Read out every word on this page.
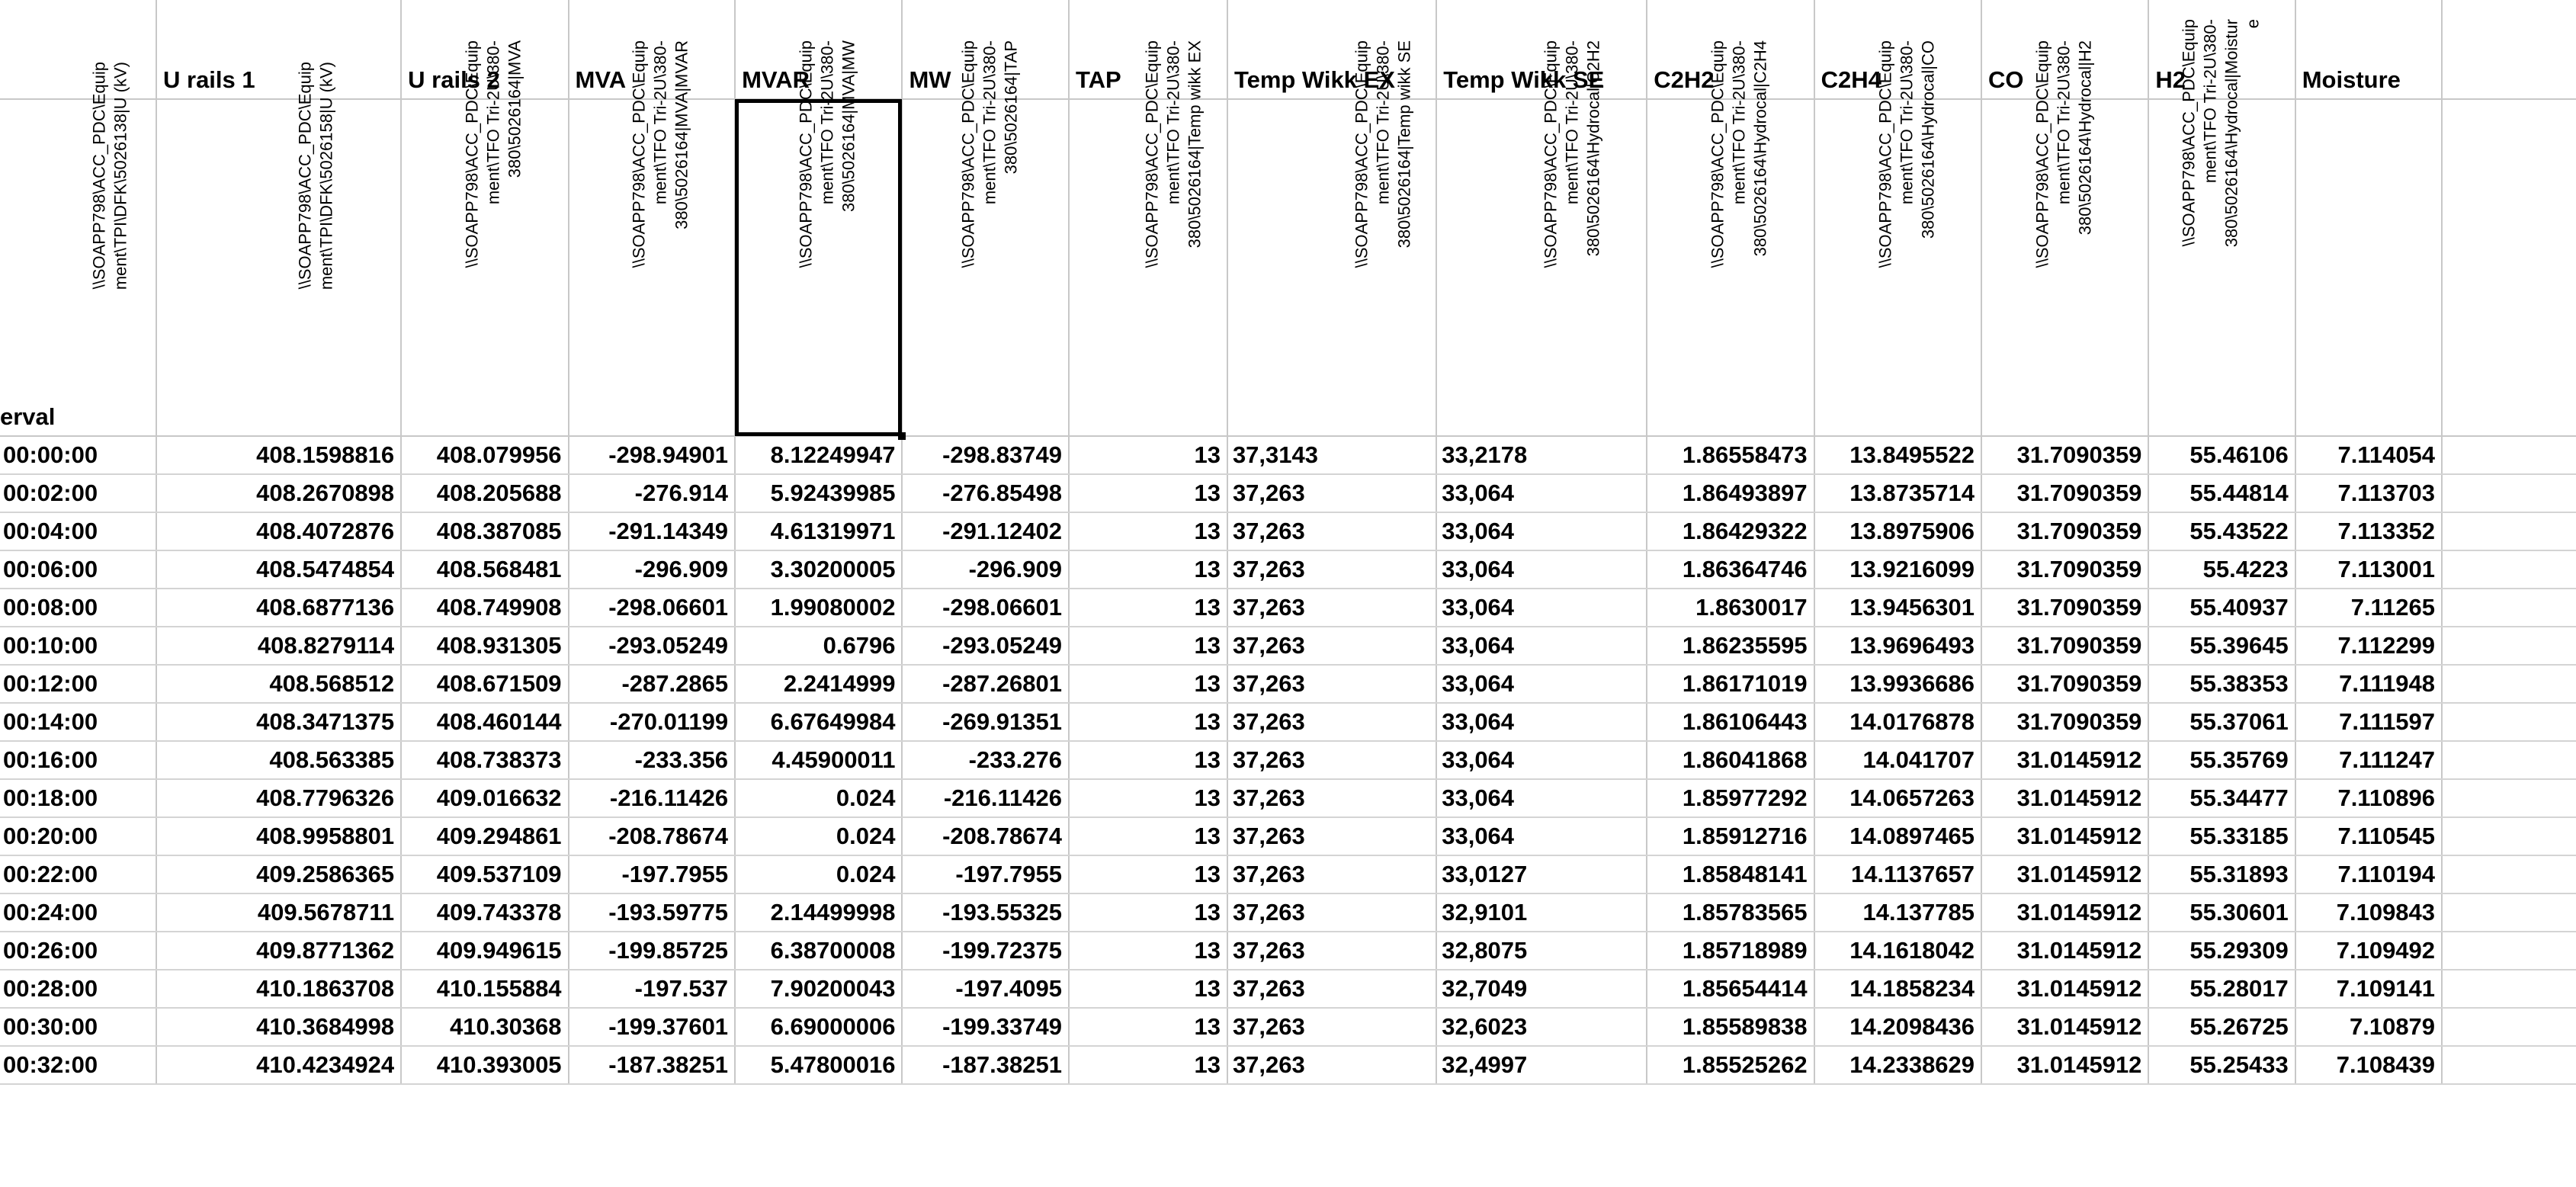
	U rails 1	U rails 2	MVA	MVAR	MW	TAP	Temp Wikk EX	Temp Wikk SE	C2H2	C2H4	CO	H2	Moisture	
erval	\\SOAPP798\ACC_PDC\Equip
ment\TPI\DFK\5026138|U (kV)	\\SOAPP798\ACC_PDC\Equip
ment\TPI\DFK\5026158|U (kV)	\\SOAPP798\ACC_PDC\Equip
ment\TFO Tri-2U\380-
380\5026164|MVA	\\SOAPP798\ACC_PDC\Equip
ment\TFO Tri-2U\380-
380\5026164|MVA|MVAR	\\SOAPP798\ACC_PDC\Equip
ment\TFO Tri-2U\380-
380\5026164|MVA|MW	\\SOAPP798\ACC_PDC\Equip
ment\TFO Tri-2U\380-
380\5026164|TAP	\\SOAPP798\ACC_PDC\Equip
ment\TFO Tri-2U\380-
380\5026164|Temp wikk EX	\\SOAPP798\ACC_PDC\Equip
ment\TFO Tri-2U\380-
380\5026164|Temp wikk SE	\\SOAPP798\ACC_PDC\Equip
ment\TFO Tri-2U\380-
380\5026164\Hydrocal|C2H2	\\SOAPP798\ACC_PDC\Equip
ment\TFO Tri-2U\380-
380\5026164\Hydrocal|C2H4	\\SOAPP798\ACC_PDC\Equip
ment\TFO Tri-2U\380-
380\5026164\Hydrocal|CO	\\SOAPP798\ACC_PDC\Equip
ment\TFO Tri-2U\380-
380\5026164\Hydrocal|H2	\\SOAPP798\ACC_PDC\Equip
ment\TFO Tri-2U\380-
380\5026164\Hydrocal|Moistur
e	

00:00:00	408.1598816	408.079956	-298.94901	8.12249947	-298.83749	13	37,3143	33,2178	1.86558473	13.8495522	31.7090359	55.46106	7.114054	
00:02:00	408.2670898	408.205688	-276.914	5.92439985	-276.85498	13	37,263	33,064	1.86493897	13.8735714	31.7090359	55.44814	7.113703	
00:04:00	408.4072876	408.387085	-291.14349	4.61319971	-291.12402	13	37,263	33,064	1.86429322	13.8975906	31.7090359	55.43522	7.113352	
00:06:00	408.5474854	408.568481	-296.909	3.30200005	-296.909	13	37,263	33,064	1.86364746	13.9216099	31.7090359	55.4223	7.113001	
00:08:00	408.6877136	408.749908	-298.06601	1.99080002	-298.06601	13	37,263	33,064	1.8630017	13.9456301	31.7090359	55.40937	7.11265	
00:10:00	408.8279114	408.931305	-293.05249	0.6796	-293.05249	13	37,263	33,064	1.86235595	13.9696493	31.7090359	55.39645	7.112299	
00:12:00	408.568512	408.671509	-287.2865	2.2414999	-287.26801	13	37,263	33,064	1.86171019	13.9936686	31.7090359	55.38353	7.111948	
00:14:00	408.3471375	408.460144	-270.01199	6.67649984	-269.91351	13	37,263	33,064	1.86106443	14.0176878	31.7090359	55.37061	7.111597	
00:16:00	408.563385	408.738373	-233.356	4.45900011	-233.276	13	37,263	33,064	1.86041868	14.041707	31.0145912	55.35769	7.111247	
00:18:00	408.7796326	409.016632	-216.11426	0.024	-216.11426	13	37,263	33,064	1.85977292	14.0657263	31.0145912	55.34477	7.110896	
00:20:00	408.9958801	409.294861	-208.78674	0.024	-208.78674	13	37,263	33,064	1.85912716	14.0897465	31.0145912	55.33185	7.110545	
00:22:00	409.2586365	409.537109	-197.7955	0.024	-197.7955	13	37,263	33,0127	1.85848141	14.1137657	31.0145912	55.31893	7.110194	
00:24:00	409.5678711	409.743378	-193.59775	2.14499998	-193.55325	13	37,263	32,9101	1.85783565	14.137785	31.0145912	55.30601	7.109843	
00:26:00	409.8771362	409.949615	-199.85725	6.38700008	-199.72375	13	37,263	32,8075	1.85718989	14.1618042	31.0145912	55.29309	7.109492	
00:28:00	410.1863708	410.155884	-197.537	7.90200043	-197.4095	13	37,263	32,7049	1.85654414	14.1858234	31.0145912	55.28017	7.109141	
00:30:00	410.3684998	410.30368	-199.37601	6.69000006	-199.33749	13	37,263	32,6023	1.85589838	14.2098436	31.0145912	55.26725	7.10879	
00:32:00	410.4234924	410.393005	-187.38251	5.47800016	-187.38251	13	37,263	32,4997	1.85525262	14.2338629	31.0145912	55.25433	7.108439	
